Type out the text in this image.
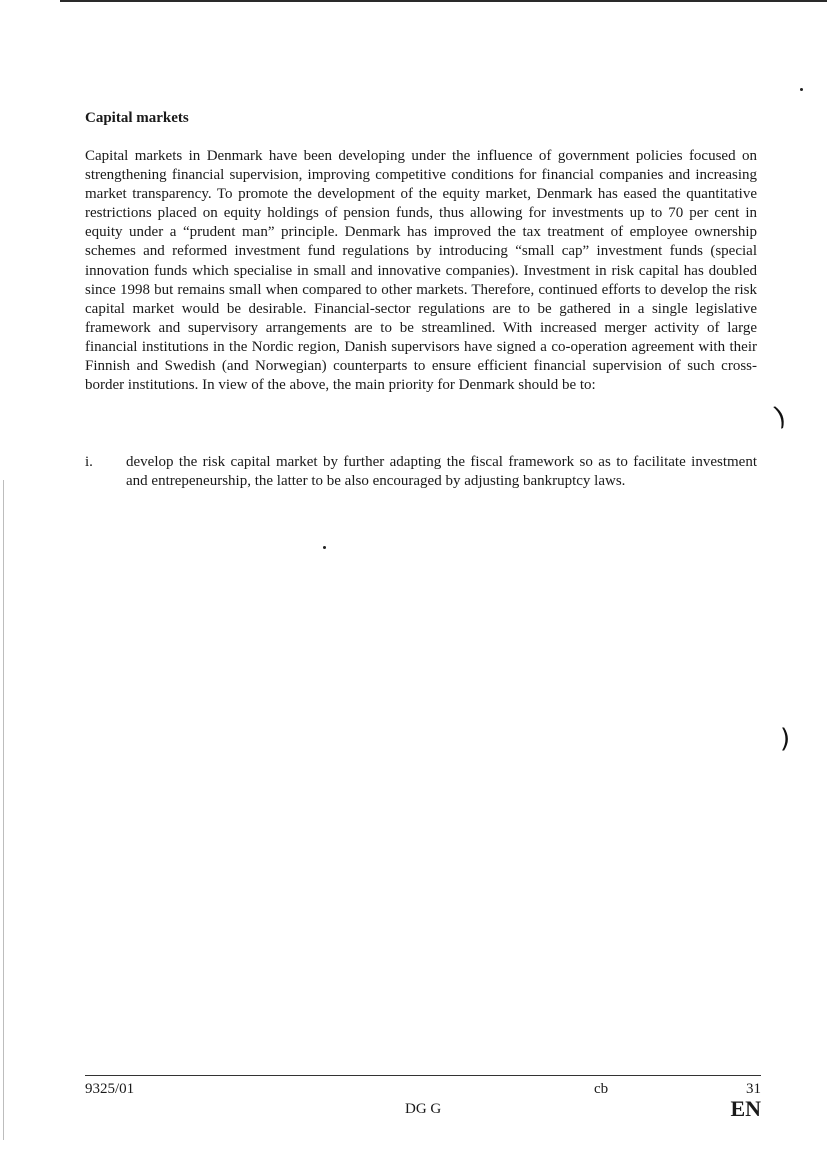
Capital markets

Capital markets in Denmark have been developing under the influence of government policies focused on strengthening financial supervision, improving competitive conditions for financial companies and increasing market transparency. To promote the development of the equity market, Denmark has eased the quantitative restrictions placed on equity holdings of pension funds, thus allowing for investments up to 70 per cent in equity under a “prudent man” principle. Denmark has improved the tax treatment of employee ownership schemes and reformed investment fund regulations by introducing “small cap” investment funds (special innovation funds which specialise in small and innovative companies). Investment in risk capital has doubled since 1998 but remains small when compared to other markets. Therefore, continued efforts to develop the risk capital market would be desirable. Financial-sector regulations are to be gathered in a single legislative framework and supervisory arrangements are to be streamlined. With increased merger activity of large financial institutions in the Nordic region, Danish supervisors have signed a co-operation agreement with their Finnish and Swedish (and Norwegian) counterparts to ensure efficient financial supervision of such cross-border institutions. In view of the above, the main priority for Denmark should be to:

i. develop the risk capital market by further adapting the fiscal framework so as to facilitate investment and entrepeneurship, the latter to be also encouraged by adjusting bankruptcy laws.

)
)
9325/01	cb	31
DG G	EN
